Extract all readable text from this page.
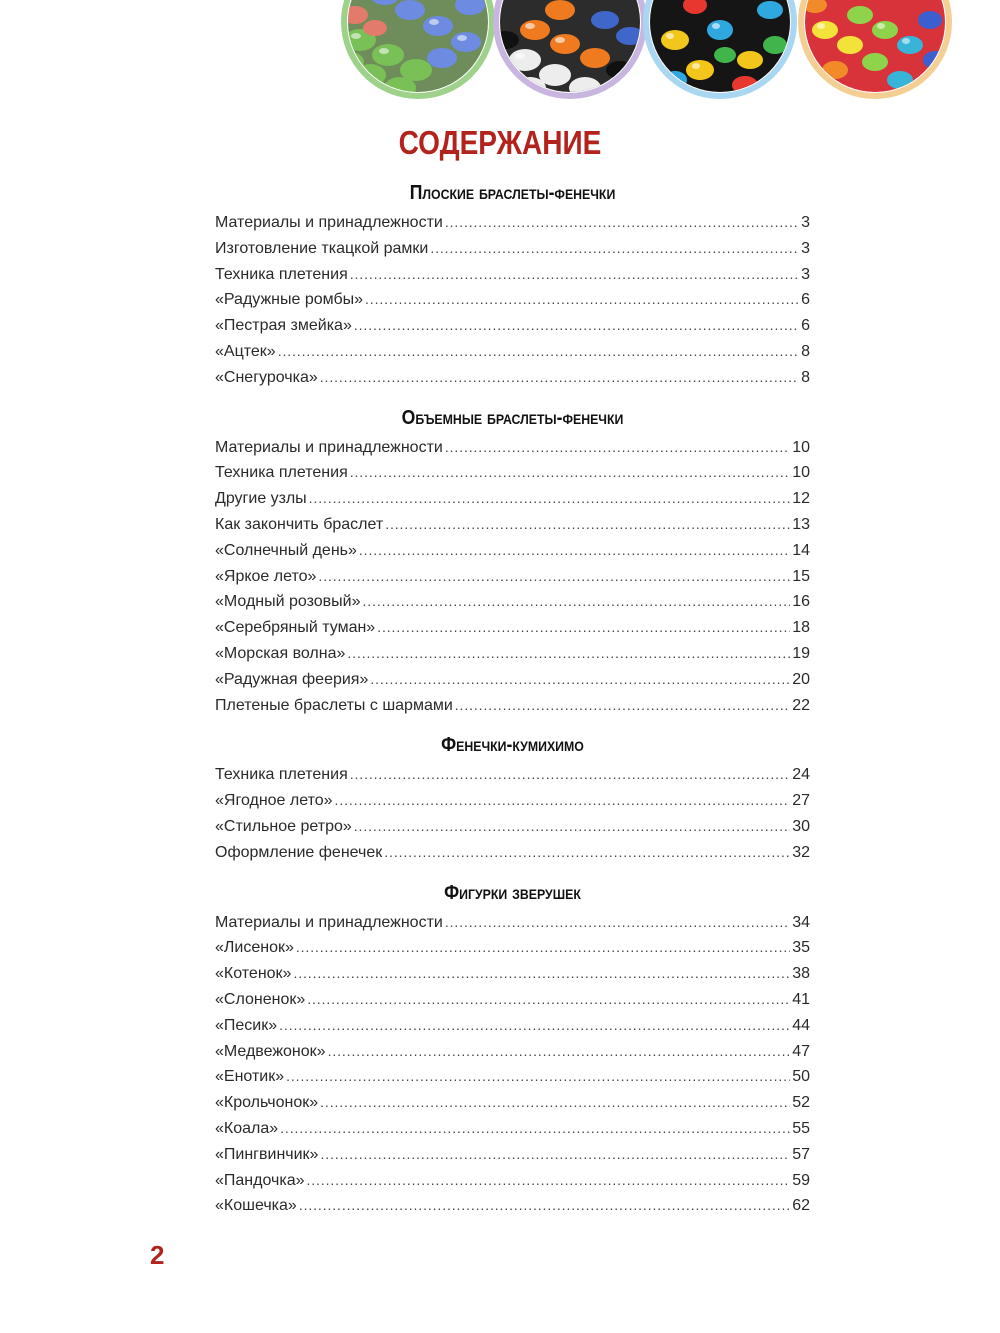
СОДЕРЖАНИЕ
Плоские браслеты-фенечки
Материалы и принадлежности . . .	3
Изготовление ткацкой рамки . . .	3
Техника плетения . . .	3
«Радужные ромбы» . . .	6
«Пестрая змейка» . . .	6
«Ацтек» . . .	8
«Снегурочка» . . .	8
Объемные браслеты-фенечки
Материалы и принадлежности . . .	10
Техника плетения . . .	10
Другие узлы . . .	12
Как закончить браслет . . .	13
«Солнечный день» . . .	14
«Яркое лето» . . .	15
«Модный розовый» . . .	16
«Серебряный туман» . . .	18
«Морская волна» . . .	19
«Радужная феерия» . . .	20
Плетеные браслеты с шармами . . .	22
Фенечки-кумихимо
Техника плетения . . .	24
«Ягодное лето» . . .	27
«Стильное ретро» . . .	30
Оформление фенечек . . .	32
Фигурки зверушек
Материалы и принадлежности . . .	34
«Лисенок» . . .	35
«Котенок» . . .	38
«Слоненок» . . .	41
«Песик» . . .	44
«Медвежонок» . . .	47
«Енотик» . . .	50
«Крольчонок» . . .	52
«Коала» . . .	55
«Пингвинчик» . . .	57
«Пандочка» . . .	59
«Кошечка» . . .	62
2
